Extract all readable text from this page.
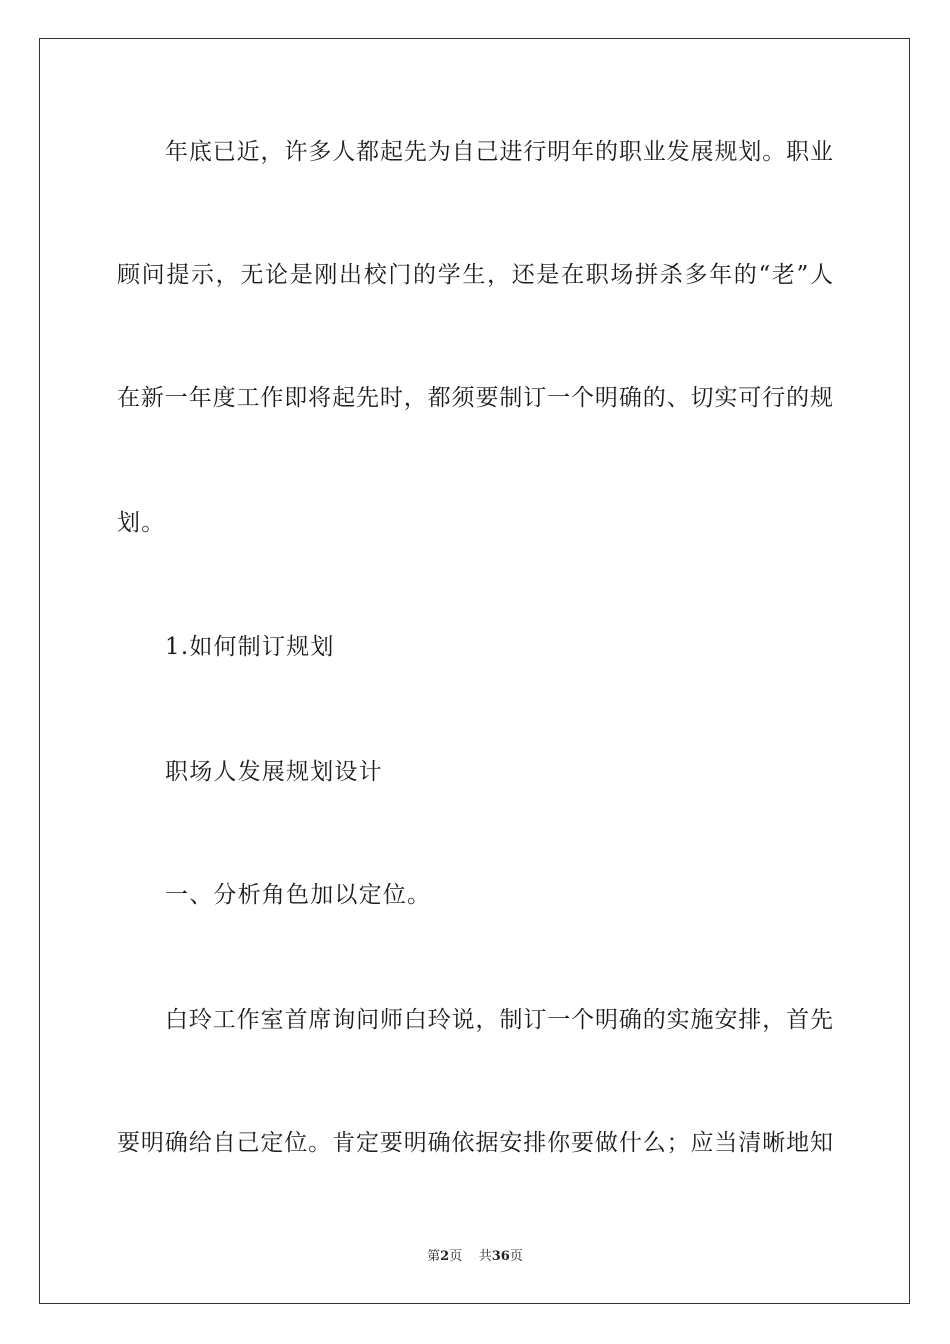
年底已近，许多人都起先为自己进行明年的职业发展规划。职业
顾问提示，无论是刚出校门的学生，还是在职场拼杀多年的“老”人
在新一年度工作即将起先时，都须要制订一个明确的、切实可行的规
划。
1.如何制订规划
职场人发展规划设计
一、分析角色加以定位。
白玲工作室首席询问师白玲说，制订一个明确的实施安排，首先
要明确给自己定位。肯定要明确依据安排你要做什么；应当清晰地知
第2页 共36页
